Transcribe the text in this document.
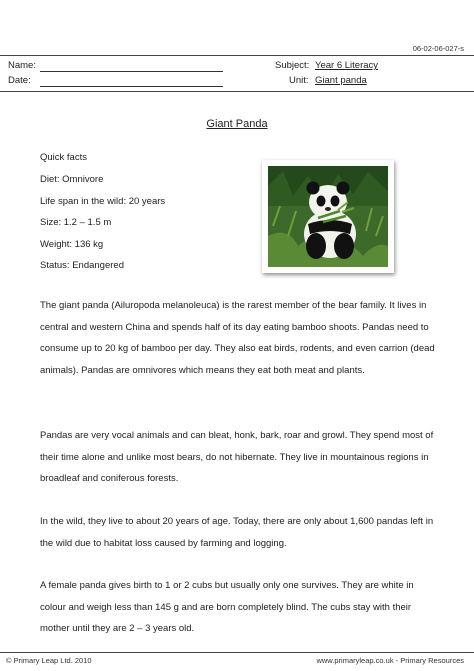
06-02-06-027-s
Name:
Date:
Subject: Year 6 Literacy
Unit: Giant panda
Giant Panda
Quick facts
Diet: Omnivore
Life span in the wild: 20 years
Size: 1.2 – 1.5 m
Weight: 136 kg
Status: Endangered

The giant panda (Ailuropoda melanoleuca) is the rarest member of the bear family. It lives in central and western China and spends half of its day eating bamboo shoots. Pandas need to consume up to 20 kg of bamboo per day. They also eat birds, rodents, and even carrion (dead animals). Pandas are omnivores which means they eat both meat and plants.

Pandas are very vocal animals and can bleat, honk, bark, roar and growl. They spend most of their time alone and unlike most bears, do not hibernate. They live in mountainous regions in broadleaf and coniferous forests.

In the wild, they live to about 20 years of age. Today, there are only about 1,600 pandas left in the wild due to habitat loss caused by farming and logging.

A female panda gives birth to 1 or 2 cubs but usually only one survives. They are white in colour and weigh less than 145 g and are born completely blind. The cubs stay with their mother until they are 2 – 3 years old.

© Primary Leap Ltd. 2010	www.primaryleap.co.uk - Primary Resources
